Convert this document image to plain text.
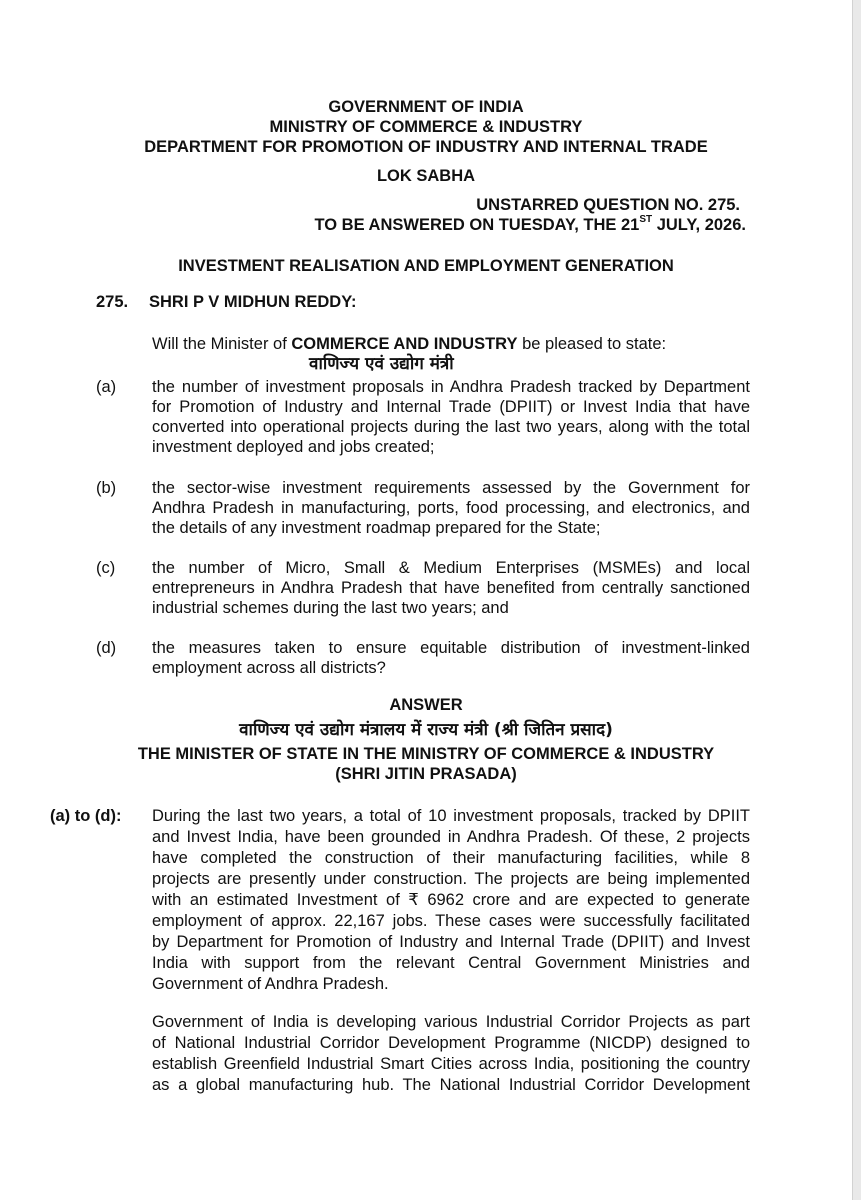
GOVERNMENT OF INDIA
MINISTRY OF COMMERCE & INDUSTRY
DEPARTMENT FOR PROMOTION OF INDUSTRY AND INTERNAL TRADE
LOK SABHA
UNSTARRED QUESTION NO. 275.
TO BE ANSWERED ON TUESDAY, THE 21ST JULY, 2026.
INVESTMENT REALISATION AND EMPLOYMENT GENERATION
275. SHRI P V MIDHUN REDDY:
Will the Minister of COMMERCE AND INDUSTRY be pleased to state:
वाणिज्य एवं उद्योग मंत्री
(a) the number of investment proposals in Andhra Pradesh tracked by Department
for Promotion of Industry and Internal Trade (DPIIT) or Invest India that have
converted into operational projects during the last two years, along with the total
investment deployed and jobs created;
(b) the sector-wise investment requirements assessed by the Government for
Andhra Pradesh in manufacturing, ports, food processing, and electronics, and
the details of any investment roadmap prepared for the State;
(c) the number of Micro, Small & Medium Enterprises (MSMEs) and local
entrepreneurs in Andhra Pradesh that have benefited from centrally sanctioned
industrial schemes during the last two years; and
(d) the measures taken to ensure equitable distribution of investment-linked
employment across all districts?
ANSWER
वाणिज्य एवं उद्योग मंत्रालय में राज्य मंत्री (श्री जितिन प्रसाद)
THE MINISTER OF STATE IN THE MINISTRY OF COMMERCE & INDUSTRY
(SHRI JITIN PRASADA)
(a) to (d): During the last two years, a total of 10 investment proposals, tracked by DPIIT
and Invest India, have been grounded in Andhra Pradesh. Of these, 2 projects
have completed the construction of their manufacturing facilities, while 8
projects are presently under construction. The projects are being implemented
with an estimated Investment of ₹ 6962 crore and are expected to generate
employment of approx. 22,167 jobs. These cases were successfully facilitated
by Department for Promotion of Industry and Internal Trade (DPIIT) and Invest
India with support from the relevant Central Government Ministries and
Government of Andhra Pradesh.
Government of India is developing various Industrial Corridor Projects as part
of National Industrial Corridor Development Programme (NICDP) designed to
establish Greenfield Industrial Smart Cities across India, positioning the country
as a global manufacturing hub. The National Industrial Corridor Development
